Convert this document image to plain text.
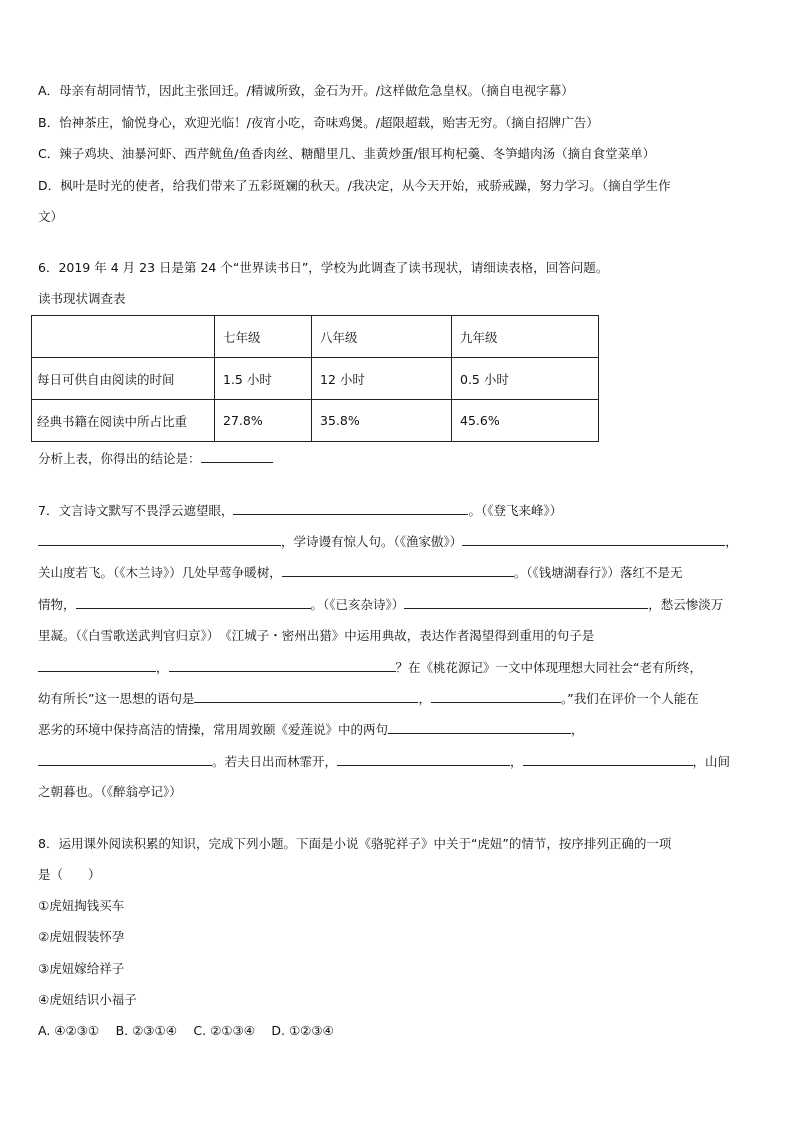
A．母亲有胡同情节，因此主张回迁。/精诚所致，金石为开。/这样做危急皇权。（摘自电视字幕）
B．怡神茶庄，愉悦身心，欢迎光临！/夜宵小吃，奇味鸡煲。/超限超载，贻害无穷。（摘自招牌广告）
C．辣子鸡块、油暴河虾、西芹鱿鱼/鱼香肉丝、糖醋里几、韭黄炒蛋/银耳枸杞羹、冬笋蜡肉汤（摘自食堂菜单）
D．枫叶是时光的使者，给我们带来了五彩斑斓的秋天。/我决定，从今天开始，戒骄戒躁，努力学习。（摘自学生作
文）
6．2019 年 4 月 23 日是第 24 个“世界读书日”，学校为此调查了读书现状，请细读表格，回答问题。
读书现状调查表
	七年级	八年级	九年级
每日可供自由阅读的时间	1.5 小时	12 小时	0.5 小时
经典书籍在阅读中所占比重	27.8%	35.8%	45.6%
分析上表，你得出的结论是：
7．文言诗文默写不畏浮云遮望眼，	。（《登飞来峰》）
，学诗谩有惊人句。（《渔家傲》）	，
关山度若飞。（《木兰诗》）几处早莺争暖树，	。（《钱塘湖春行》）落红不是无
情物，	。（《已亥杂诗》）	，愁云惨淡万
里凝。（《白雪歌送武判官归京》）　《江城子・密州出猎》中运用典故，表达作者渴望得到重用的句子是
，	？在《桃花源记》一文中体现理想大同社会“老有所终，
幼有所长”这一思想的语句是	，	。”我们在评价一个人能在
恶劣的环境中保持高洁的情操，常用周敦颐《爱莲说》中的两句	，
。若夫日出而林霏开，	，	，山间
之朝暮也。（《醉翁亭记》）
8．运用课外阅读积累的知识，完成下列小题。下面是小说《骆驼祥子》中关于“虎妞”的情节，按序排列正确的一项
是（　　）
①虎妞掏钱买车
②虎妞假装怀孕
③虎妞嫁给祥子
④虎妞结识小福子
A. ④②③①　 B. ②③①④　 C. ②①③④　 D. ①②③④
